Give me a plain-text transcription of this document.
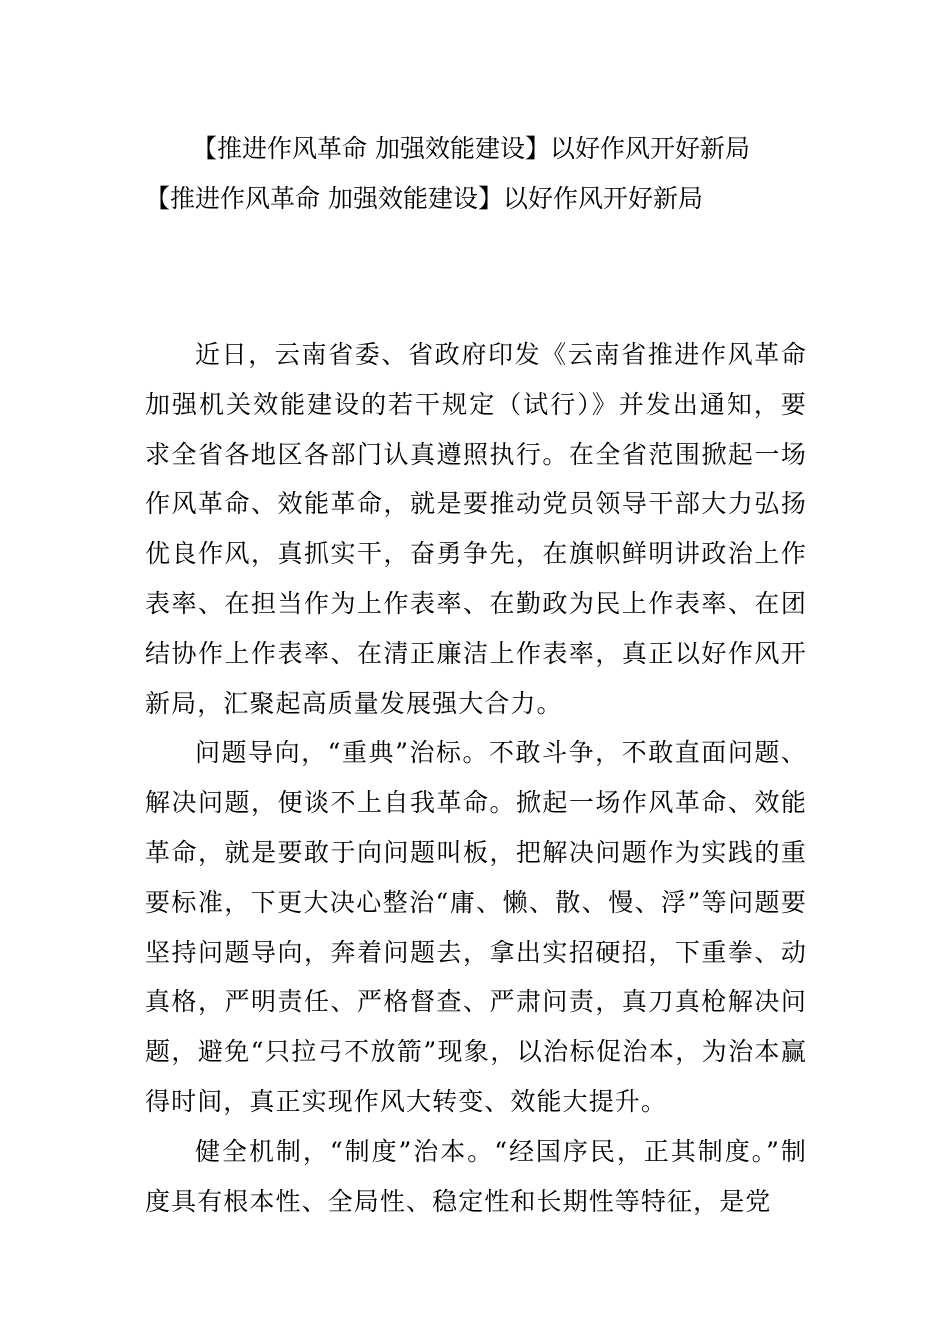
【推进作风革命 加强效能建设】以好作风开好新局
【推进作风革命 加强效能建设】以好作风开好新局

近日，云南省委、省政府印发《云南省推进作风革命加强机关效能建设的若干规定（试行）》并发出通知，要求全省各地区各部门认真遵照执行。在全省范围掀起一场作风革命、效能革命，就是要推动党员领导干部大力弘扬优良作风，真抓实干，奋勇争先，在旗帜鲜明讲政治上作表率、在担当作为上作表率、在勤政为民上作表率、在团结协作上作表率、在清正廉洁上作表率，真正以好作风开新局，汇聚起高质量发展强大合力。

问题导向，“重典”治标。不敢斗争，不敢直面问题、解决问题，便谈不上自我革命。掀起一场作风革命、效能革命，就是要敢于向问题叫板，把解决问题作为实践的重要标准，下更大决心整治“庸、懒、散、慢、浮”等问题要坚持问题导向，奔着问题去，拿出实招硬招，下重拳、动真格，严明责任、严格督查、严肃问责，真刀真枪解决问题，避免“只拉弓不放箭”现象，以治标促治本，为治本赢得时间，真正实现作风大转变、效能大提升。

健全机制，“制度”治本。“经国序民，正其制度。”制度具有根本性、全局性、稳定性和长期性等特征，是党
